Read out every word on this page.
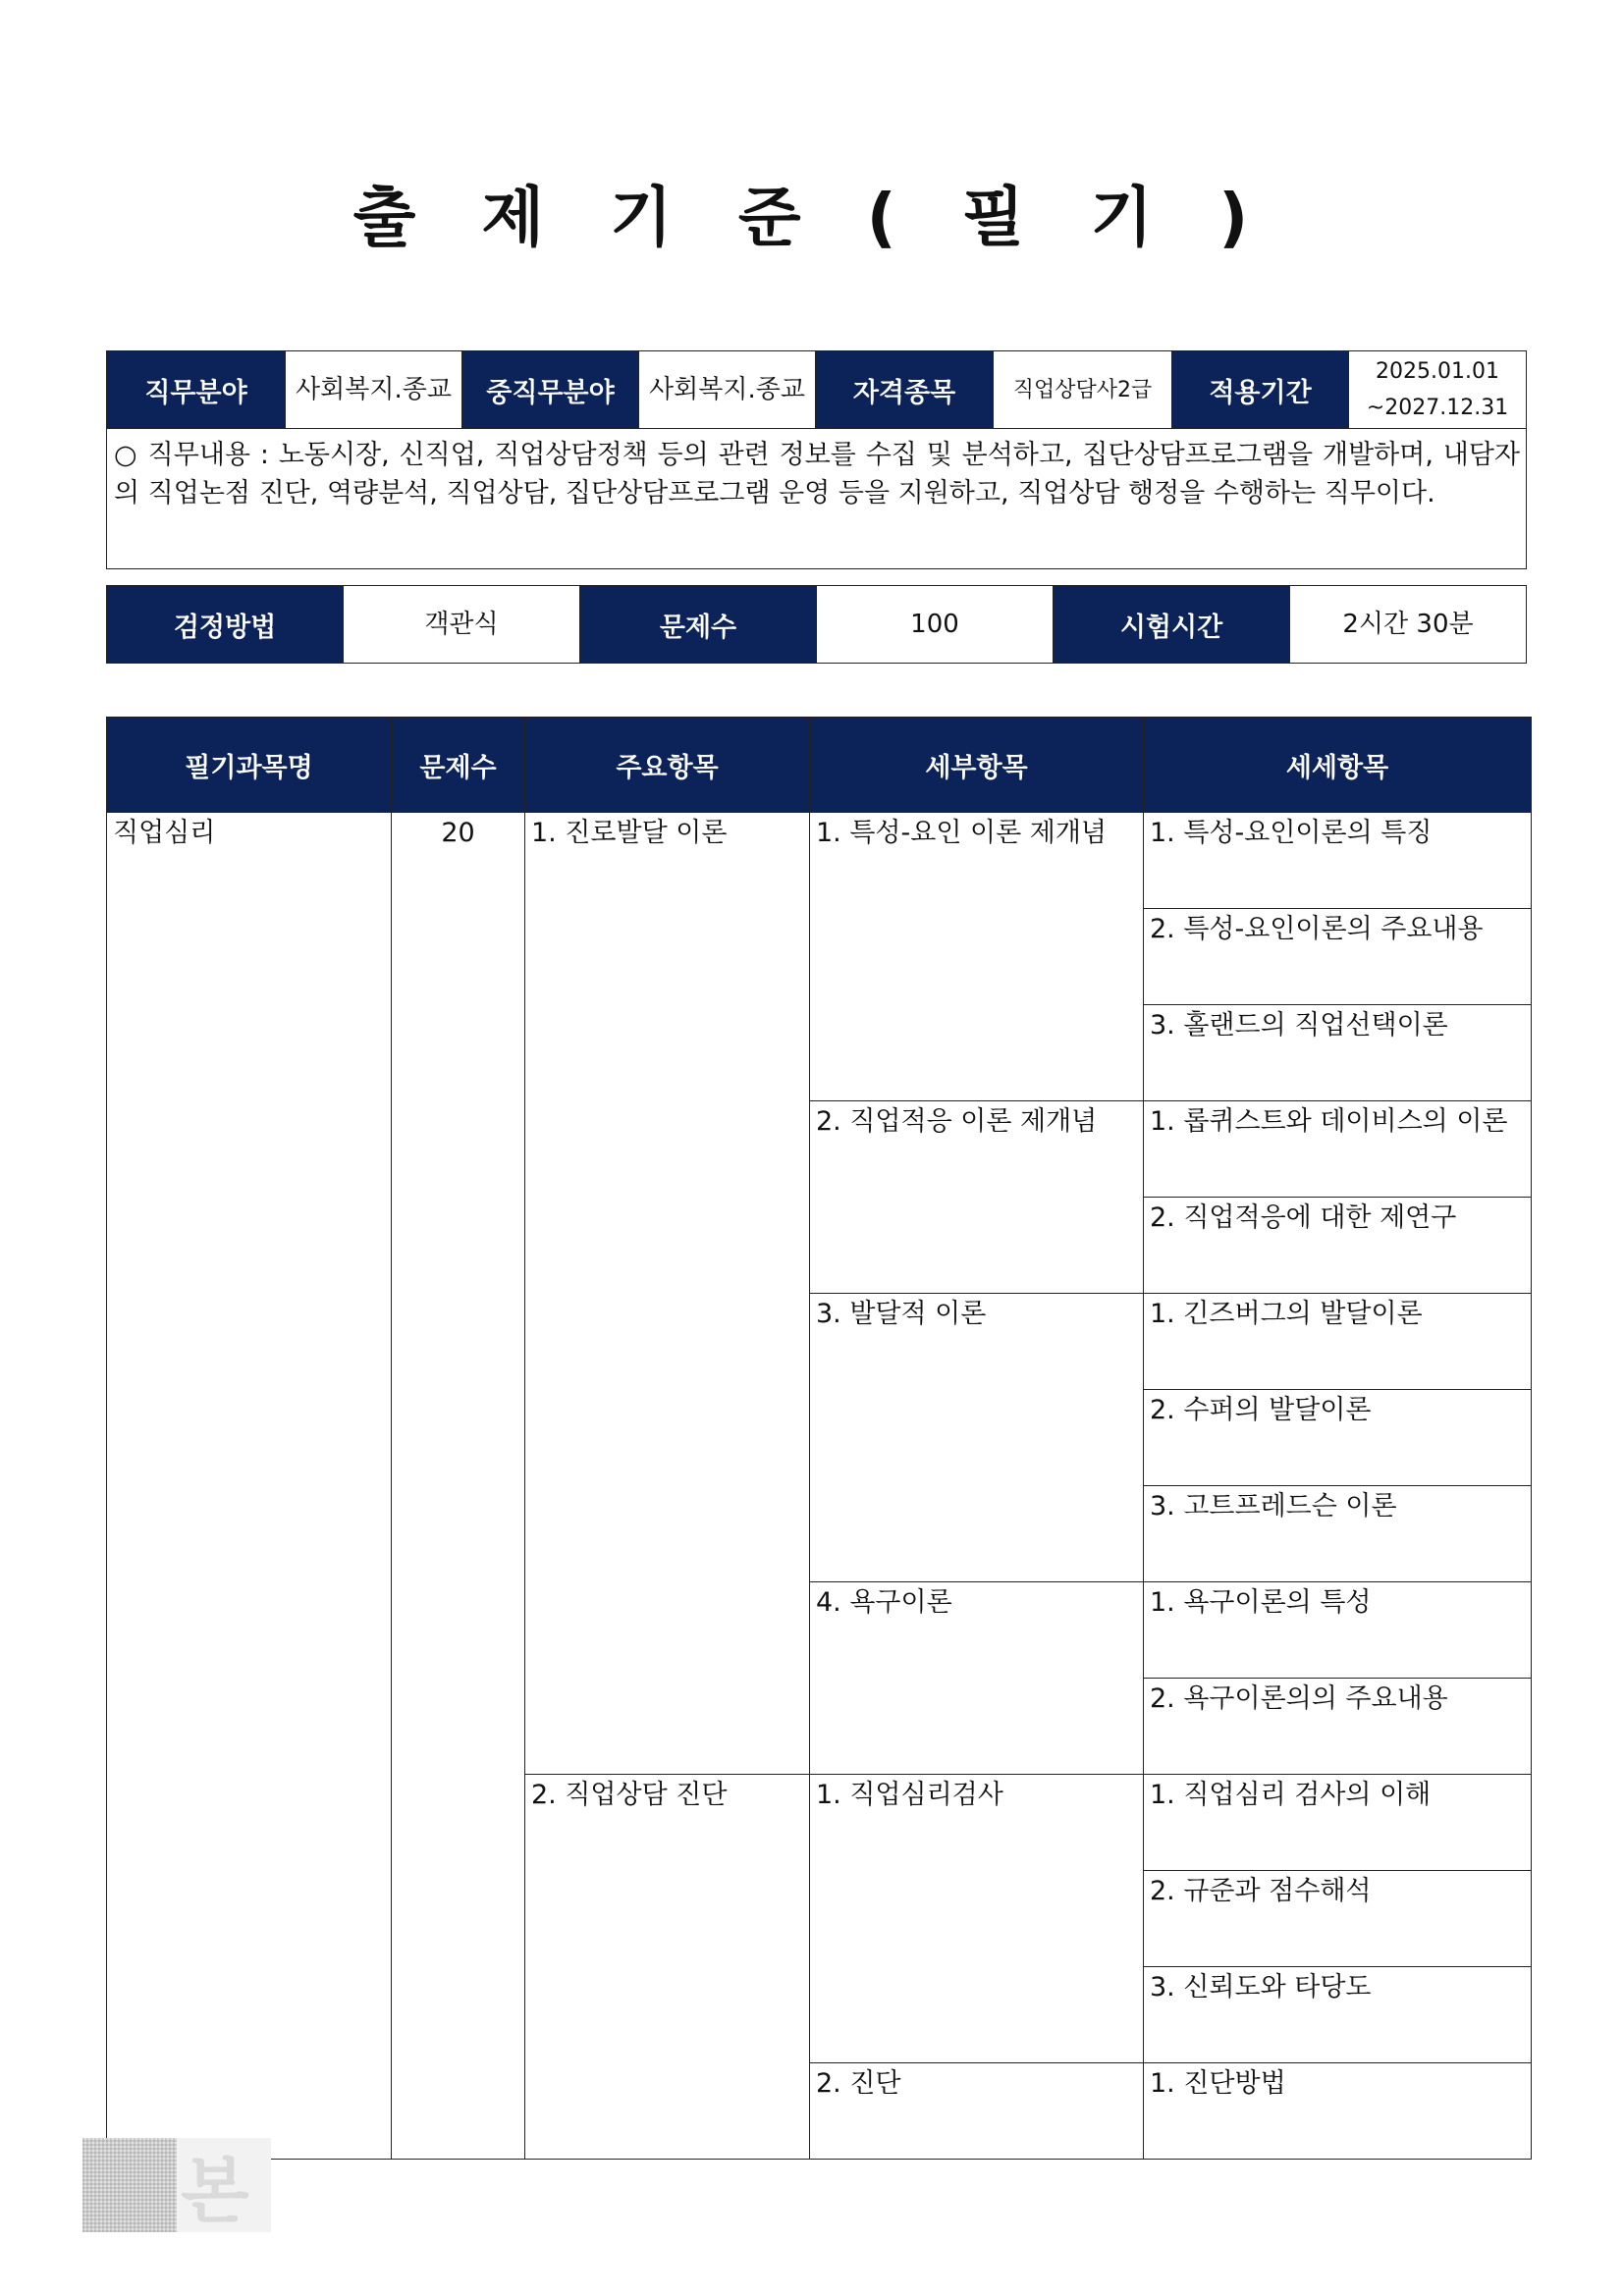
출 제 기 준 ( 필 기 )
직무분야	사회복지.종교	중직무분야	사회복지.종교	자격종목	직업상담사2급	적용기간	
2025.01.01
~2027.12.31

○ 직무내용 : 노동시장, 신직업, 직업상담정책 등의 관련 정보를 수집 및 분석하고, 집단상담프로그램을 개발하며, 내담자의 직업논점 진단, 역량분석, 직업상담, 집단상담프로그램 운영 등을 지원하고, 직업상담 행정을 수행하는 직무이다.
검정방법	객관식	문제수	100	시험시간	2시간 30분
필기과목명	문제수	주요항목	세부항목	세세항목
직업심리	20	1. 진로발달 이론	1. 특성-요인 이론 제개념	1. 특성-요인이론의 특징
				2. 특성-요인이론의 주요내용
				3. 홀랜드의 직업선택이론
			2. 직업적응 이론 제개념	1. 롭퀴스트와 데이비스의 이론
				2. 직업적응에 대한 제연구
			3. 발달적 이론	1. 긴즈버그의 발달이론
				2. 수퍼의 발달이론
				3. 고트프레드슨 이론
			4. 욕구이론	1. 욕구이론의 특성
				2. 욕구이론의의 주요내용
		2. 직업상담 진단	1. 직업심리검사	1. 직업심리 검사의 이해
				2. 규준과 점수해석
				3. 신뢰도와 타당도
			2. 진단	1. 진단방법
본
